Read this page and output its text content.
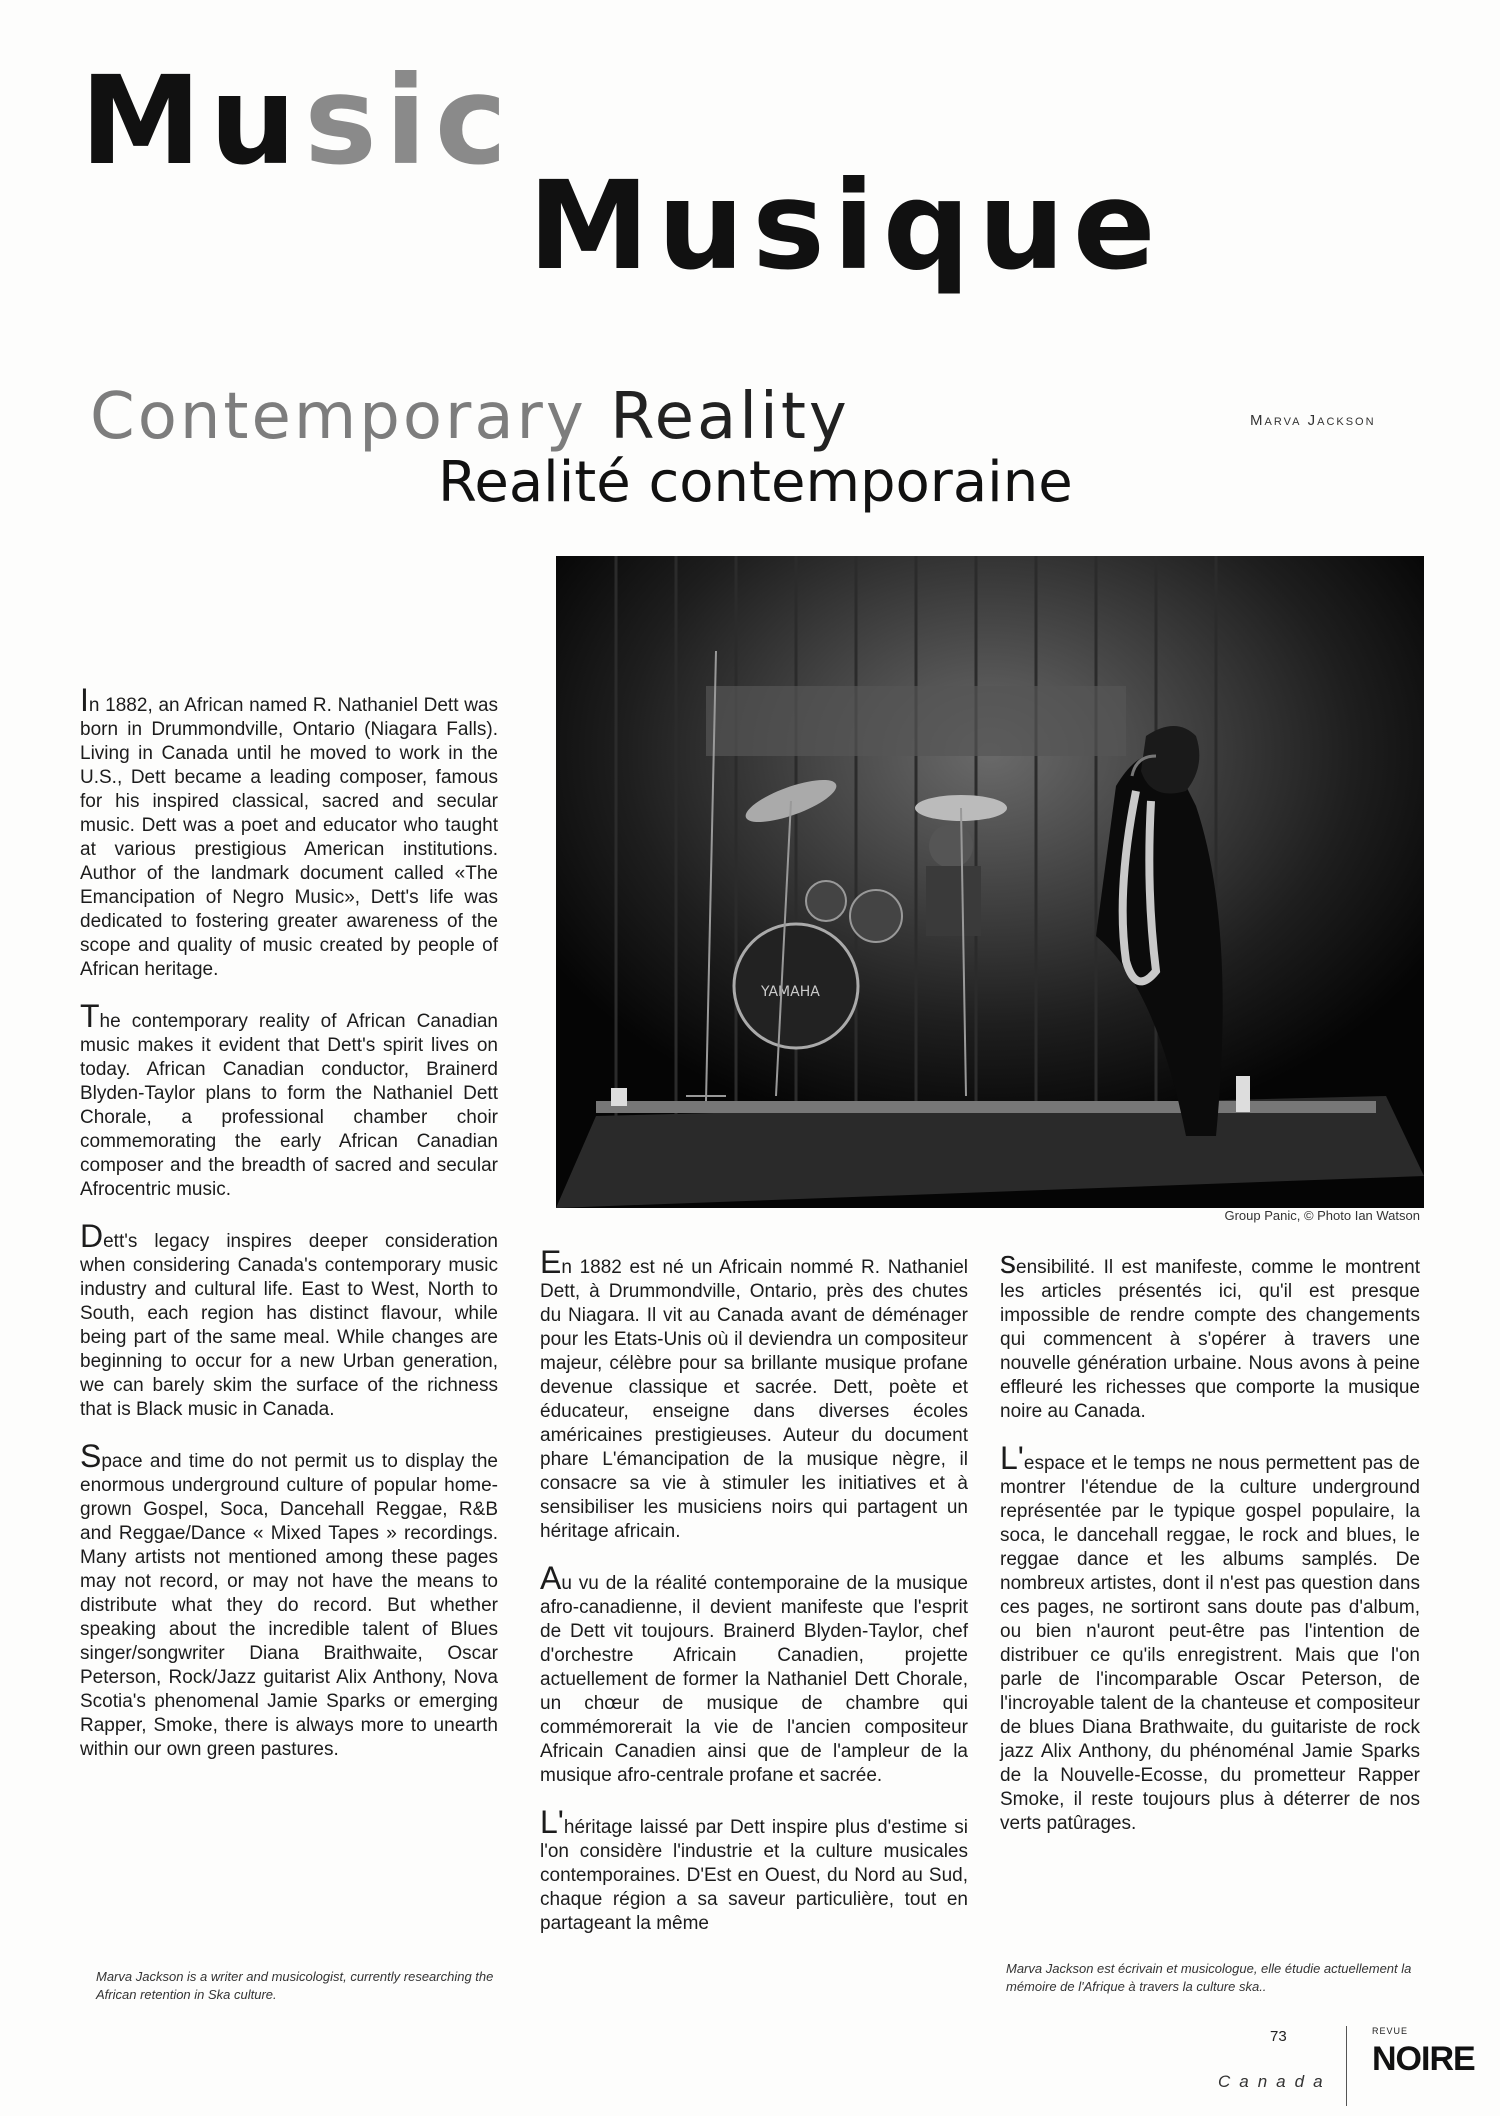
Music
Musique
Contemporary Reality
Realité contemporaine
Marva Jackson
YAMAHA
Group Panic, © Photo Ian Watson

In 1882, an African named R. Nathaniel Dett was born in Drummondville, Ontario (Niagara Falls). Living in Canada until he moved to work in the U.S., Dett became a leading composer, famous for his inspired classical, sacred and secular music. Dett was a poet and educator who taught at various prestigious American institutions. Author of the landmark document called «The Emancipation of Negro Music», Dett's life was dedicated to fostering greater awareness of the scope and quality of music created by people of African heritage.

The contemporary reality of African Canadian music makes it evident that Dett's spirit lives on today. African Canadian conductor, Brainerd Blyden-Taylor plans to form the Nathaniel Dett Chorale, a professional chamber choir commemorating the early African Canadian composer and the breadth of sacred and secular Afrocentric music.

Dett's legacy inspires deeper consideration when considering Canada's contemporary music industry and cultural life. East to West, North to South, each region has distinct flavour, while being part of the same meal. While changes are beginning to occur for a new Urban generation, we can barely skim the surface of the richness that is Black music in Canada.

Space and time do not permit us to display the enormous underground culture of popular home-grown Gospel, Soca, Dancehall Reggae, R&B and Reggae/Dance « Mixed Tapes » recordings. Many artists not mentioned among these pages may not record, or may not have the means to distribute what they do record. But whether speaking about the incredible talent of Blues singer/songwriter Diana Braithwaite, Oscar Peterson, Rock/Jazz guitarist Alix Anthony, Nova Scotia's phenomenal Jamie Sparks or emerging Rapper, Smoke, there is always more to unearth within our own green pastures.

Marva Jackson is a writer and musicologist, currently researching the African retention in Ska culture.

En 1882 est né un Africain nommé R. Nathaniel Dett, à Drummondville, Ontario, près des chutes du Niagara. Il vit au Canada avant de déménager pour les Etats-Unis où il deviendra un compositeur majeur, célèbre pour sa brillante musique profane devenue classique et sacrée. Dett, poète et éducateur, enseigne dans diverses écoles américaines prestigieuses. Auteur du document phare L'émancipation de la musique nègre, il consacre sa vie à stimuler les initiatives et à sensibiliser les musiciens noirs qui partagent un héritage africain.

Au vu de la réalité contemporaine de la musique afro-canadienne, il devient manifeste que l'esprit de Dett vit toujours. Brainerd Blyden-Taylor, chef d'orchestre Africain Canadien, projette actuellement de former la Nathaniel Dett Chorale, un chœur de musique de chambre qui commémorerait la vie de l'ancien compositeur Africain Canadien ainsi que de l'ampleur de la musique afro-centrale profane et sacrée.

L'héritage laissé par Dett inspire plus d'estime si l'on considère l'industrie et la culture musicales contemporaines. D'Est en Ouest, du Nord au Sud, chaque région a sa saveur particulière, tout en partageant la même

sensibilité. Il est manifeste, comme le montrent les articles présentés ici, qu'il est presque impossible de rendre compte des changements qui commencent à s'opérer à travers une nouvelle génération urbaine. Nous avons à peine effleuré les richesses que comporte la musique noire au Canada.

L'espace et le temps ne nous permettent pas de montrer l'étendue de la culture underground représentée par le typique gospel populaire, la soca, le dancehall reggae, le rock and blues, le reggae dance et les albums samplés. De nombreux artistes, dont il n'est pas question dans ces pages, ne sortiront sans doute pas d'album, ou bien n'auront peut-être pas l'intention de distribuer ce qu'ils enregistrent. Mais que l'on parle de l'incomparable Oscar Peterson, de l'incroyable talent de la chanteuse et compositeur de blues Diana Brathwaite, du guitariste de rock jazz Alix Anthony, du phénoménal Jamie Sparks de la Nouvelle-Ecosse, du prometteur Rapper Smoke, il reste toujours plus à déterrer de nos verts patûrages.

Marva Jackson est écrivain et musicologue, elle étudie actuellement la mémoire de l'Afrique à travers la culture ska..
73
Canada
REVUE
NOIRE
